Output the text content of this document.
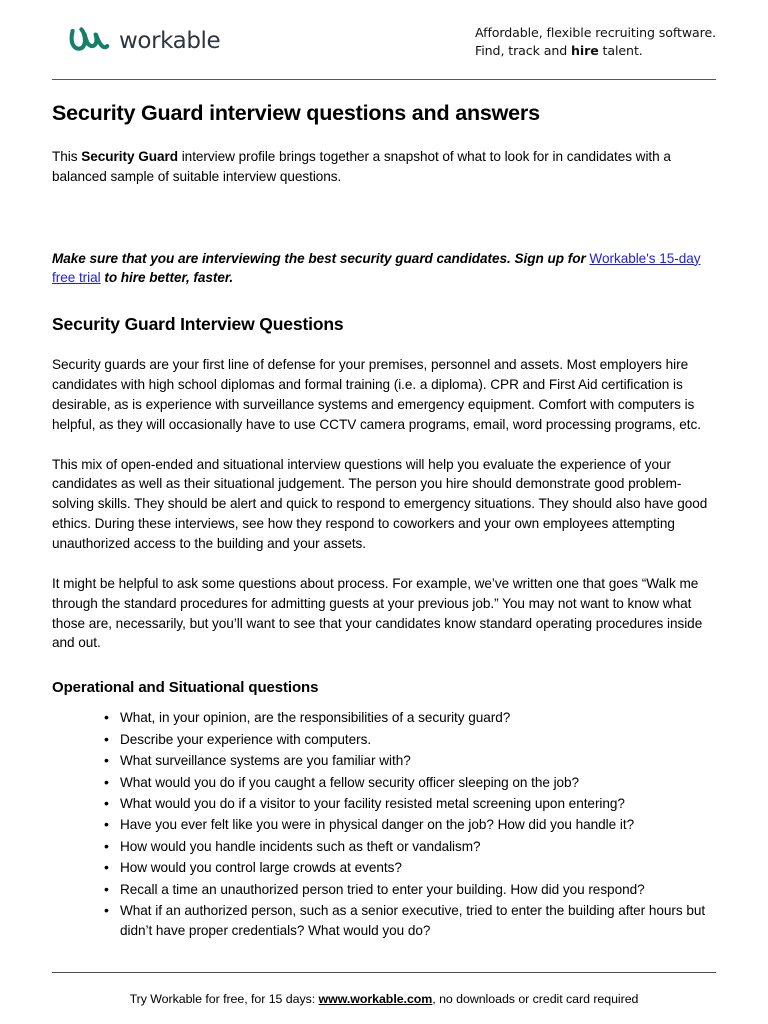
workable	Affordable, flexible recruiting software.
Find, track and hire talent.
Security Guard interview questions and answers

This Security Guard interview profile brings together a snapshot of what to look for in candidates with a balanced sample of suitable interview questions.

Make sure that you are interviewing the best security guard candidates. Sign up for Workable's 15-day free trial to hire better, faster.

Security Guard Interview Questions

Security guards are your first line of defense for your premises, personnel and assets. Most employers hire candidates with high school diplomas and formal training (i.e. a diploma). CPR and First Aid certification is desirable, as is experience with surveillance systems and emergency equipment. Comfort with computers is helpful, as they will occasionally have to use CCTV camera programs, email, word processing programs, etc.

This mix of open-ended and situational interview questions will help you evaluate the experience of your candidates as well as their situational judgement. The person you hire should demonstrate good problem-solving skills. They should be alert and quick to respond to emergency situations. They should also have good ethics. During these interviews, see how they respond to coworkers and your own employees attempting unauthorized access to the building and your assets.

It might be helpful to ask some questions about process. For example, we’ve written one that goes “Walk me through the standard procedures for admitting guests at your previous job.” You may not want to know what those are, necessarily, but you’ll want to see that your candidates know standard operating procedures inside and out.

Operational and Situational questions
• What, in your opinion, are the responsibilities of a security guard?
• Describe your experience with computers.
• What surveillance systems are you familiar with?
• What would you do if you caught a fellow security officer sleeping on the job?
• What would you do if a visitor to your facility resisted metal screening upon entering?
• Have you ever felt like you were in physical danger on the job? How did you handle it?
• How would you handle incidents such as theft or vandalism?
• How would you control large crowds at events?
• Recall a time an unauthorized person tried to enter your building. How did you respond?
• What if an authorized person, such as a senior executive, tried to enter the building after hours but didn’t have proper credentials? What would you do?

Try Workable for free, for 15 days: www.workable.com, no downloads or credit card required
